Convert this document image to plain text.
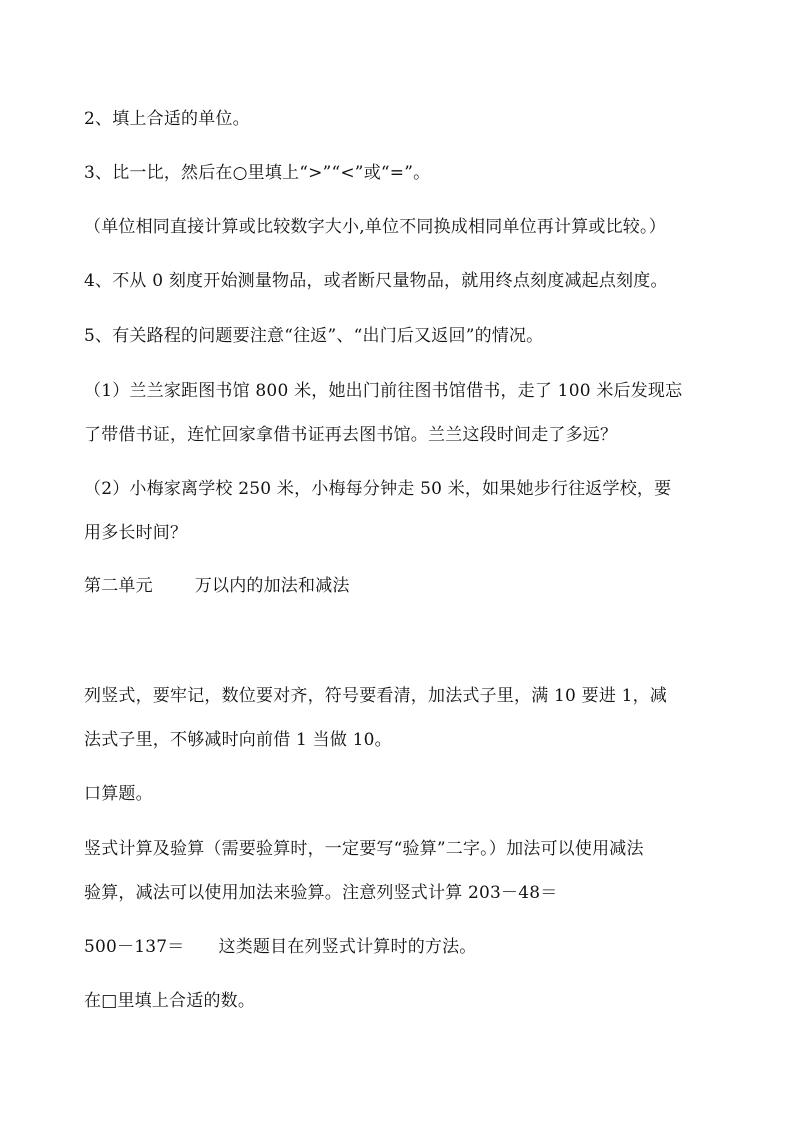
2、填上合适的单位。
3、比一比，然后在○里填上“>”“<”或“=”。
（单位相同直接计算或比较数字大小,单位不同换成相同单位再计算或比较。）
4、不从 0 刻度开始测量物品，或者断尺量物品，就用终点刻度减起点刻度。
5、有关路程的问题要注意“往返”、“出门后又返回”的情况。
（1）兰兰家距图书馆 800 米，她出门前往图书馆借书，走了 100 米后发现忘
了带借书证，连忙回家拿借书证再去图书馆。兰兰这段时间走了多远？
（2）小梅家离学校 250 米，小梅每分钟走 50 米，如果她步行往返学校，要
用多长时间？
第二单元 万以内的加法和减法
列竖式，要牢记，数位要对齐，符号要看清，加法式子里，满 10 要进 1，减
法式子里，不够减时向前借 1 当做 10。
口算题。
竖式计算及验算（需要验算时，一定要写“验算”二字。）加法可以使用减法
验算，减法可以使用加法来验算。注意列竖式计算 203－48＝
500－137＝ 这类题目在列竖式计算时的方法。
在□里填上合适的数。
